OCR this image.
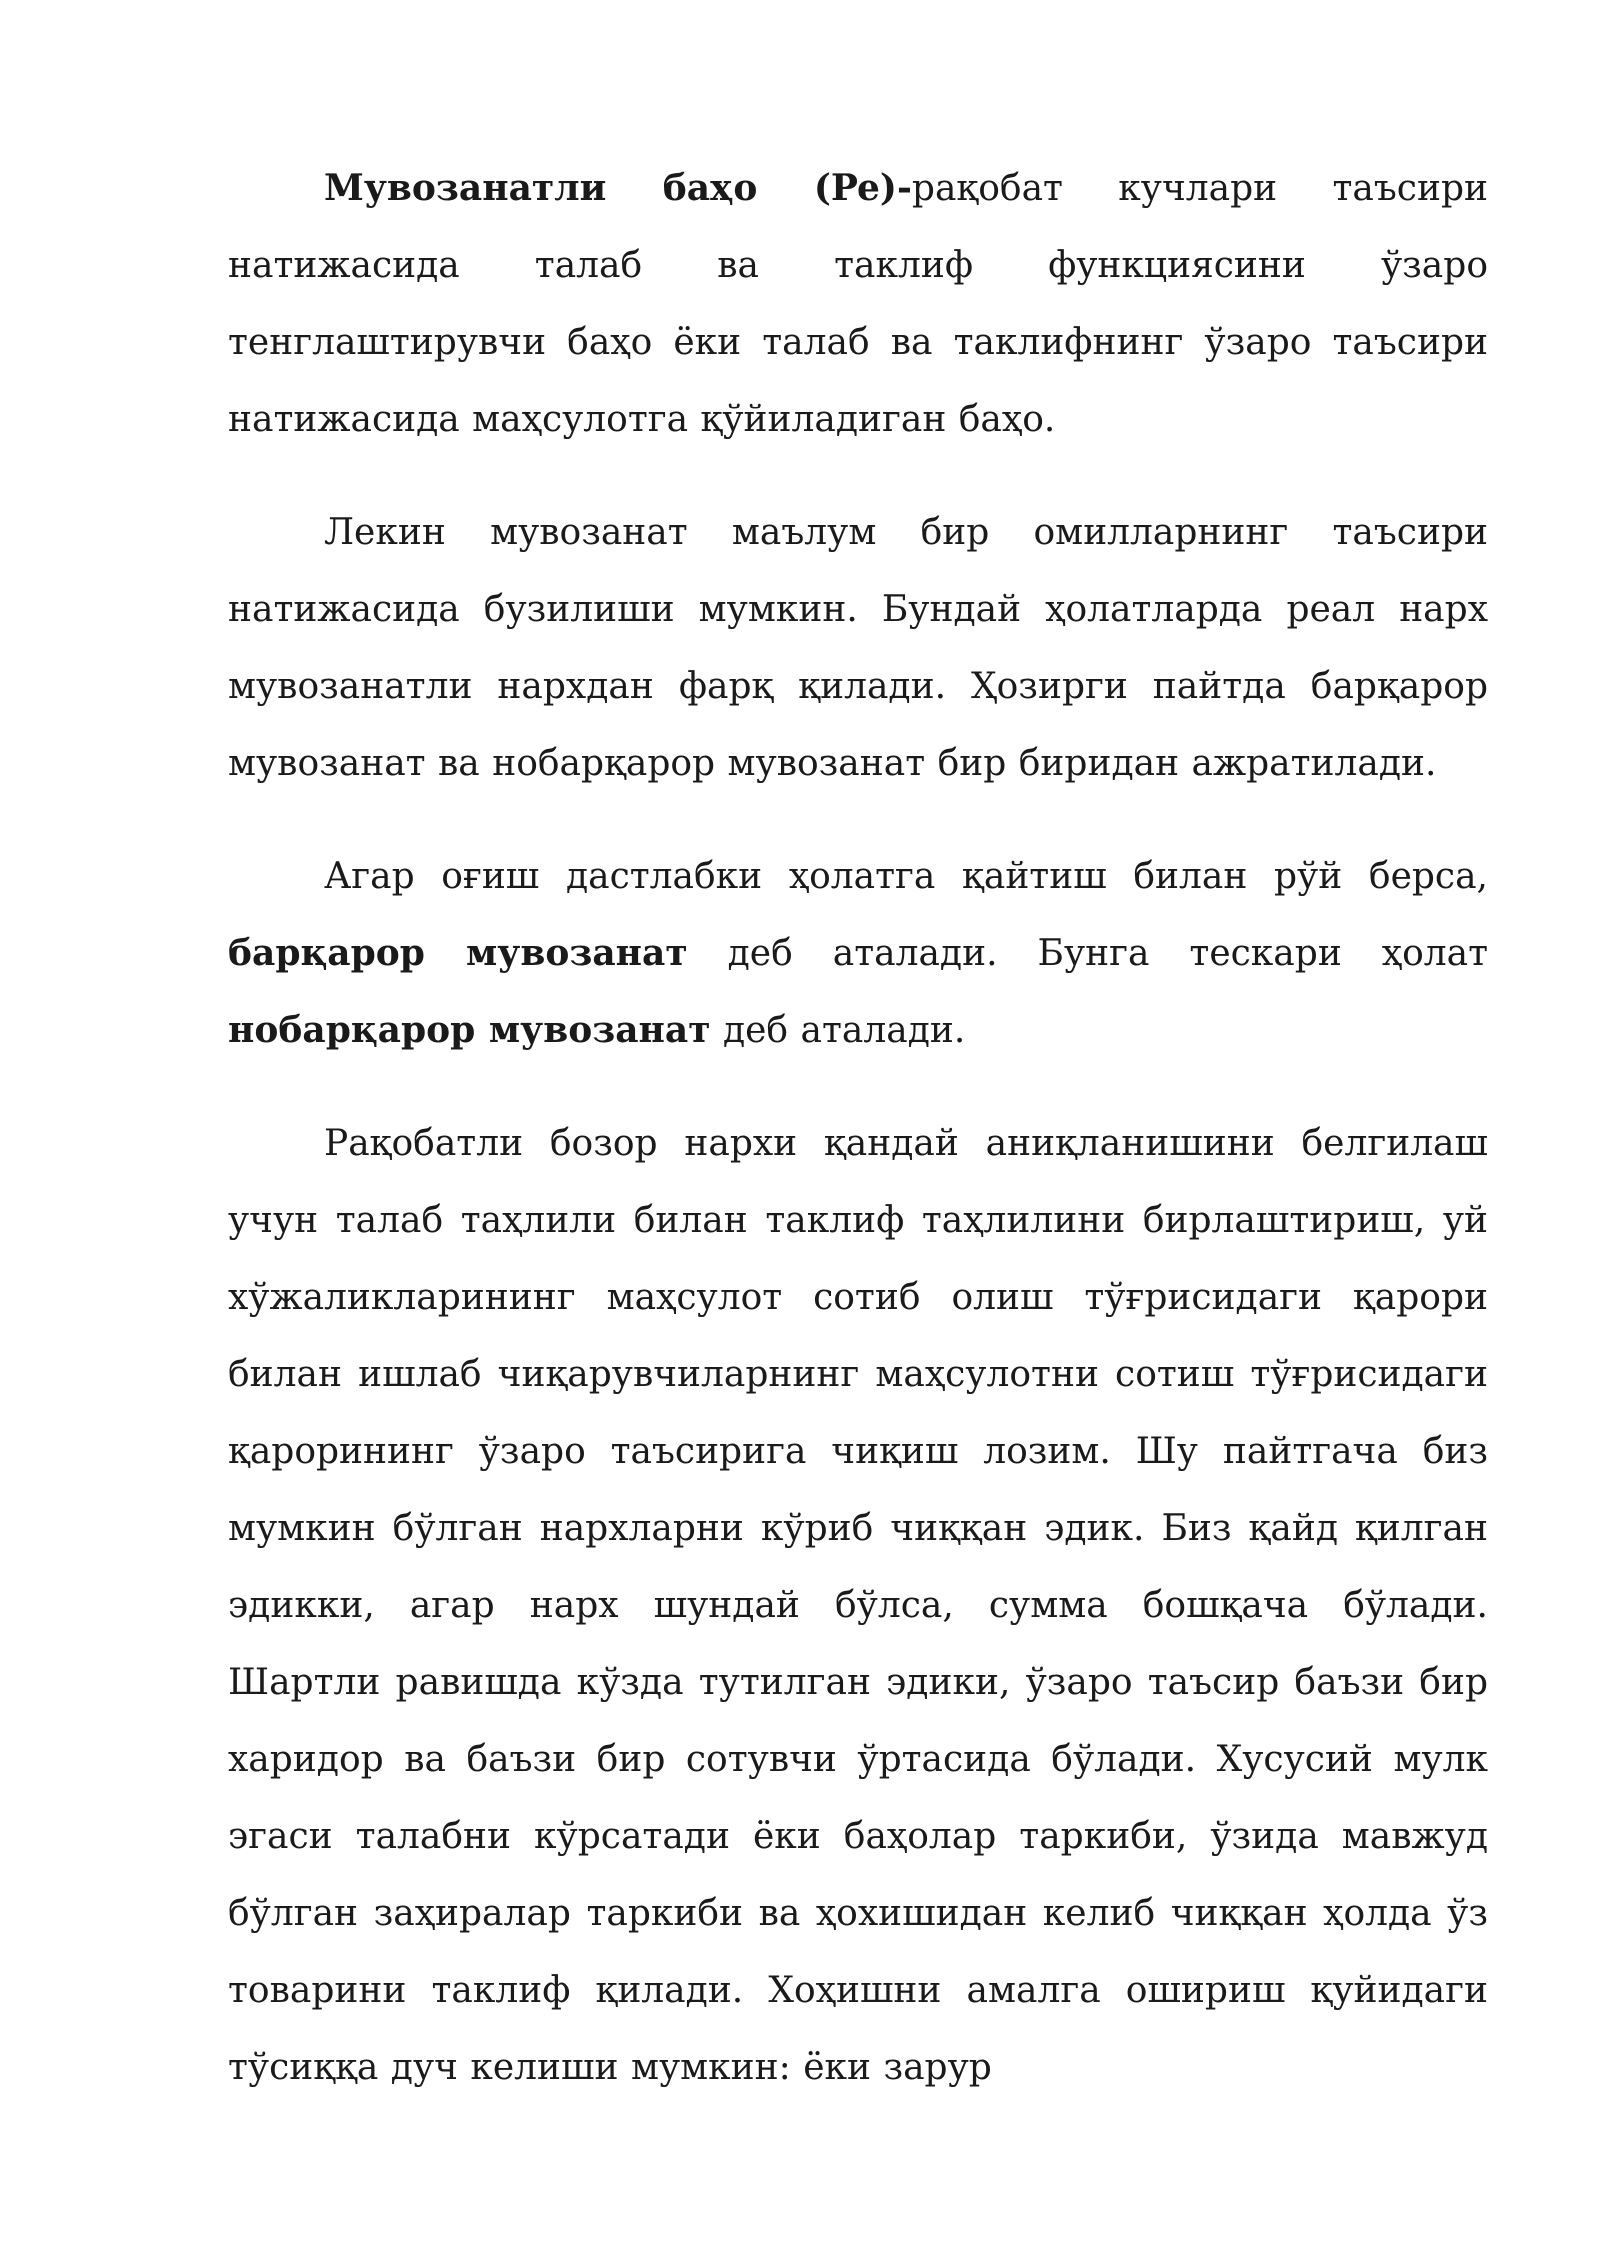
Мувозанатли баҳо (Pe)-рақобат кучлари таъсири натижасида талаб ва таклиф функциясини ўзаро тенглаштирувчи баҳо ёки талаб ва таклифнинг ўзаро таъсири натижасида маҳсулотга қўйиладиган баҳо.

Лекин мувозанат маълум бир омилларнинг таъсири натижасида бузилиши мумкин. Бундай ҳолатларда реал нарх мувозанатли нархдан фарқ қилади. Ҳозирги пайтда барқарор мувозанат ва нобарқарор мувозанат бир биридан ажратилади.

Агар оғиш дастлабки ҳолатга қайтиш билан рўй берса, барқарор мувозанат деб аталади. Бунга тескари ҳолат нобарқарор мувозанат деб аталади.

Рақобатли бозор нархи қандай аниқланишини белгилаш учун талаб таҳлили билан таклиф таҳлилини бирлаштириш, уй хўжаликларининг маҳсулот сотиб олиш тўғрисидаги қарори билан ишлаб чиқарувчиларнинг маҳсулотни сотиш тўғрисидаги қарорининг ўзаро таъсирига чиқиш лозим. Шу пайтгача биз мумкин бўлган нархларни кўриб чиққан эдик. Биз қайд қилган эдикки, агар нарх шундай бўлса, сумма бошқача бўлади. Шартли равишда кўзда тутилган эдики, ўзаро таъсир баъзи бир харидор ва баъзи бир сотувчи ўртасида бўлади. Хусусий мулк эгаси талабни кўрсатади ёки баҳолар таркиби, ўзида мавжуд бўлган заҳиралар таркиби ва ҳохишидан келиб чиққан ҳолда ўз товарини таклиф қилади. Хоҳишни амалга ошириш қуйидаги тўсиққа дуч келиши мумкин: ёки зарур
